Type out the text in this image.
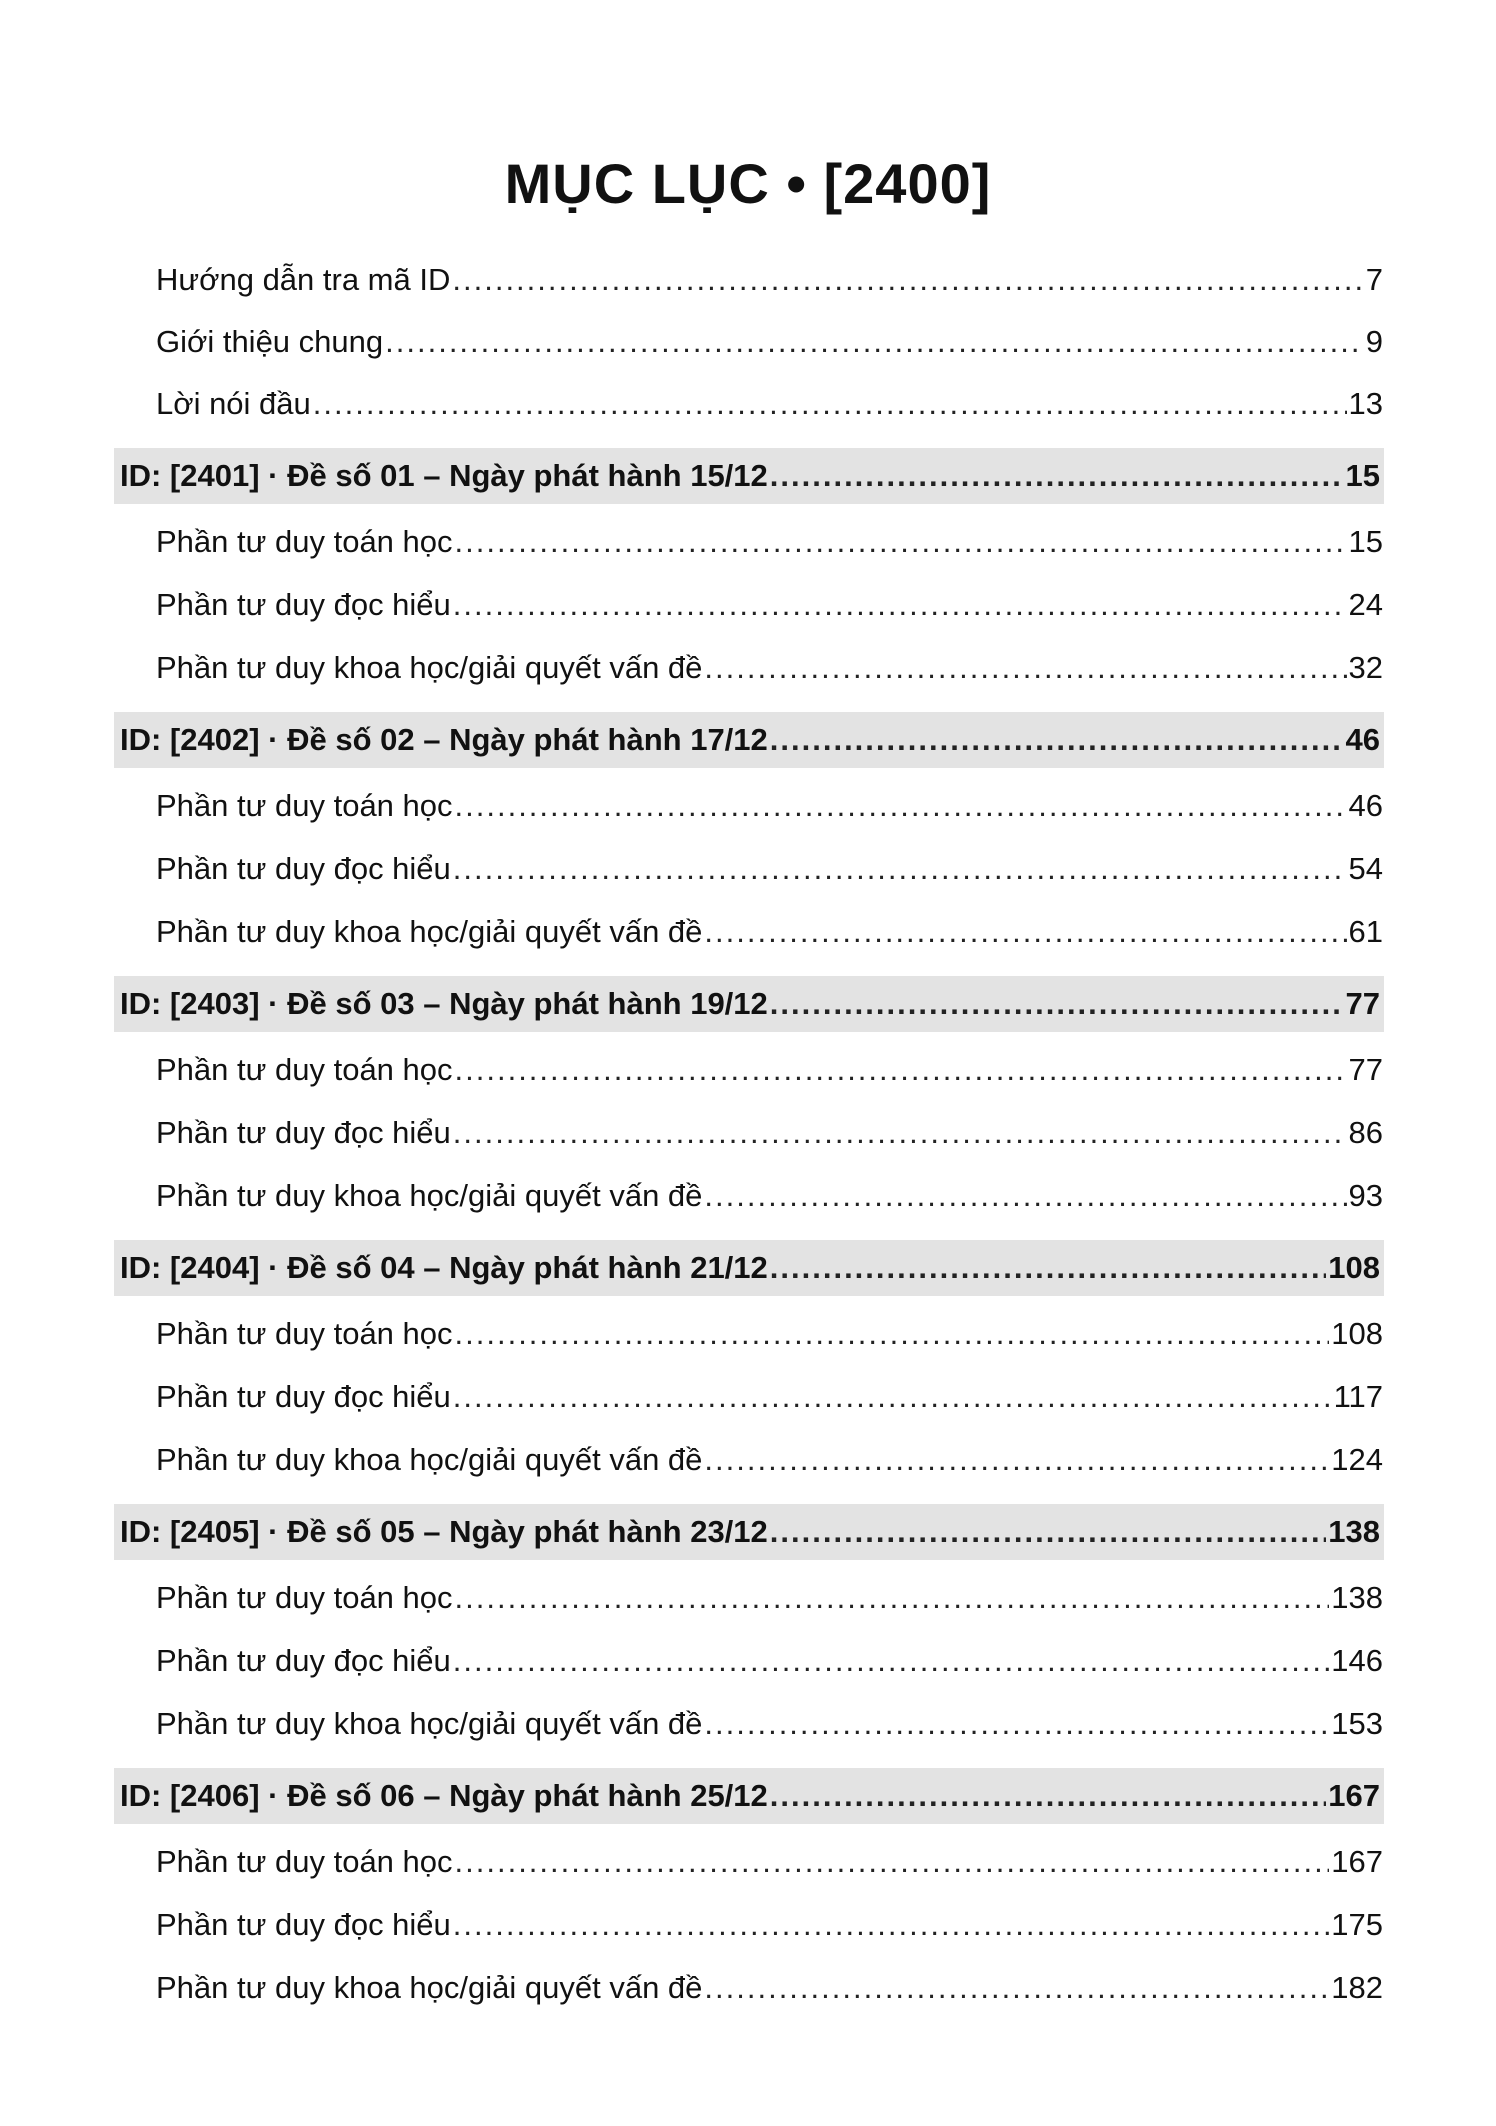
MỤC LỤC • [2400]
Hướng dẫn tra mã ID .....	7
Giới thiệu chung .....	9
Lời nói đầu .....	13
ID: [2401] · Đề số 01 – Ngày phát hành 15/12 .....	15
Phần tư duy toán học .....	15
Phần tư duy đọc hiểu .....	24
Phần tư duy khoa học/giải quyết vấn đề .....	32
ID: [2402] · Đề số 02 – Ngày phát hành 17/12 .....	46
Phần tư duy toán học .....	46
Phần tư duy đọc hiểu .....	54
Phần tư duy khoa học/giải quyết vấn đề .....	61
ID: [2403] · Đề số 03 – Ngày phát hành 19/12 .....	77
Phần tư duy toán học .....	77
Phần tư duy đọc hiểu .....	86
Phần tư duy khoa học/giải quyết vấn đề .....	93
ID: [2404] · Đề số 04 – Ngày phát hành 21/12 .....	108
Phần tư duy toán học .....	108
Phần tư duy đọc hiểu .....	117
Phần tư duy khoa học/giải quyết vấn đề .....	124
ID: [2405] · Đề số 05 – Ngày phát hành 23/12 .....	138
Phần tư duy toán học .....	138
Phần tư duy đọc hiểu .....	146
Phần tư duy khoa học/giải quyết vấn đề .....	153
ID: [2406] · Đề số 06 – Ngày phát hành 25/12 .....	167
Phần tư duy toán học .....	167
Phần tư duy đọc hiểu .....	175
Phần tư duy khoa học/giải quyết vấn đề .....	182
